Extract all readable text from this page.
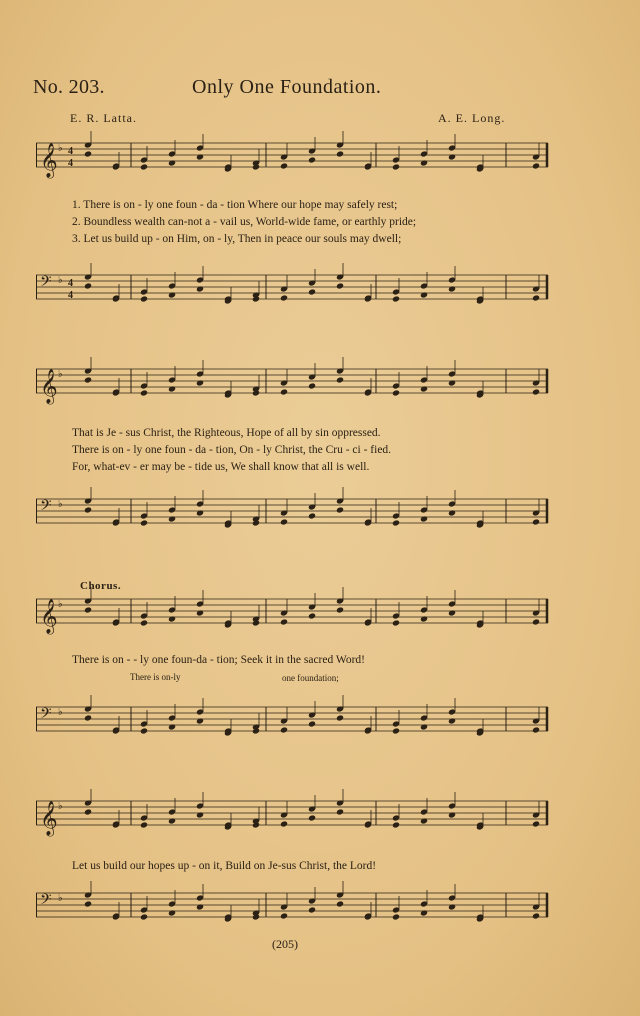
No. 203.	Only One Foundation.
E. R. Latta.	A. E. Long.
𝄞 ♭ 4
4
1. There is on - ly one foun - da - tion Where our hope may safely rest;
2. Boundless wealth can-not a - vail us, World-wide fame, or earthly pride;
3. Let us build up - on Him, on - ly, Then in peace our souls may dwell;
𝄢 ♭ 4
4
𝄞 ♭
That is Je - sus Christ, the Righteous, Hope of all by sin oppressed.
There is on - ly one foun - da - tion, On - ly Christ, the Cru - ci - fied.
For, what-ev - er may be - tide us, We shall know that all is well.
𝄢 ♭
Chorus.
𝄞 ♭
There is on - - ly one foun-da - tion; Seek it in the sacred Word!
There is on-ly	one foundation;
𝄢 ♭
𝄞 ♭
Let us build our hopes up - on it, Build on Je-sus Christ, the Lord!
𝄢 ♭
(205)
